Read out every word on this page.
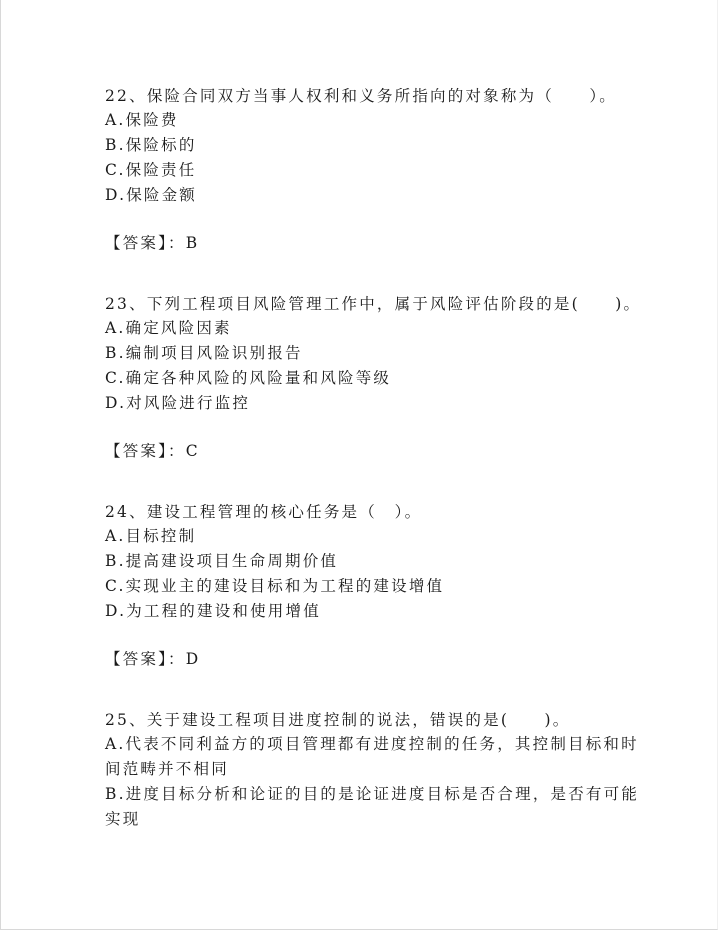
22、保险合同双方当事人权利和义务所指向的对象称为（　　）。
A.保险费
B.保险标的
C.保险责任
D.保险金额
【答案】：B
23、下列工程项目风险管理工作中，属于风险评估阶段的是(　　)。
A.确定风险因素
B.编制项目风险识别报告
C.确定各种风险的风险量和风险等级
D.对风险进行监控
【答案】：C
24、建设工程管理的核心任务是（　）。
A.目标控制
B.提高建设项目生命周期价值
C.实现业主的建设目标和为工程的建设增值
D.为工程的建设和使用增值
【答案】：D
25、关于建设工程项目进度控制的说法，错误的是(　　)。
A.代表不同利益方的项目管理都有进度控制的任务，其控制目标和时
间范畴并不相同
B.进度目标分析和论证的目的是论证进度目标是否合理，是否有可能
实现
